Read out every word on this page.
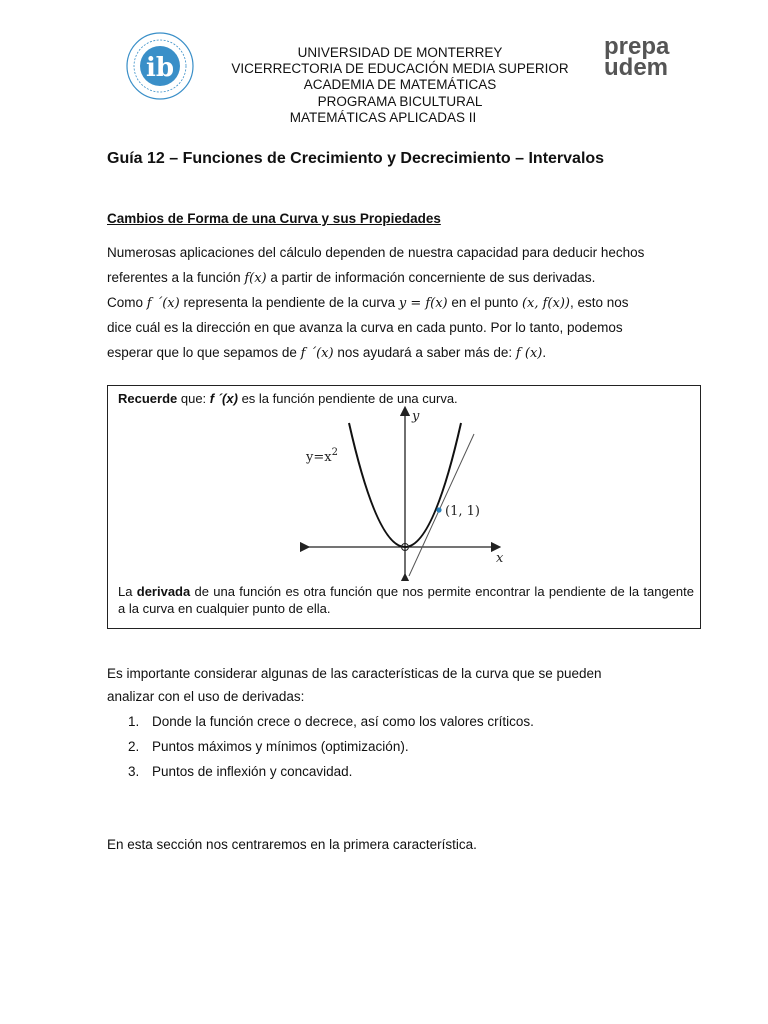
ib
UNIVERSIDAD DE MONTERREY
VICERRECTORIA DE EDUCACIÓN MEDIA SUPERIOR
ACADEMIA DE MATEMÁTICAS
PROGRAMA BICULTURAL
MATEMÁTICAS APLICADAS II
prepa
udem
Guía 12 – Funciones de Crecimiento y Decrecimiento – Intervalos
Cambios de Forma de una Curva y sus Propiedades
Numerosas aplicaciones del cálculo dependen de nuestra capacidad para deducir hechos
referentes a la función f(x) a partir de información concerniente de sus derivadas.
Como f ´(x) representa la pendiente de la curva y = f(x) en el punto (x, f(x)), esto nos
dice cuál es la dirección en que avanza la curva en cada punto. Por lo tanto, podemos
esperar que lo que sepamos de f ´(x) nos ayudará a saber más de: f (x).
Recuerde que: f ´(x) es la función pendiente de una curva.
$y=x^2$
(1, 1)
x
y
La derivada de una función es otra función que nos permite encontrar la pendiente de la tangente a la curva en cualquier punto de ella.
Es importante considerar algunas de las características de la curva que se pueden
analizar con el uso de derivadas:
1. Donde la función crece o decrece, así como los valores críticos.
2. Puntos máximos y mínimos (optimización).
3. Puntos de inflexión y concavidad.
En esta sección nos centraremos en la primera característica.
